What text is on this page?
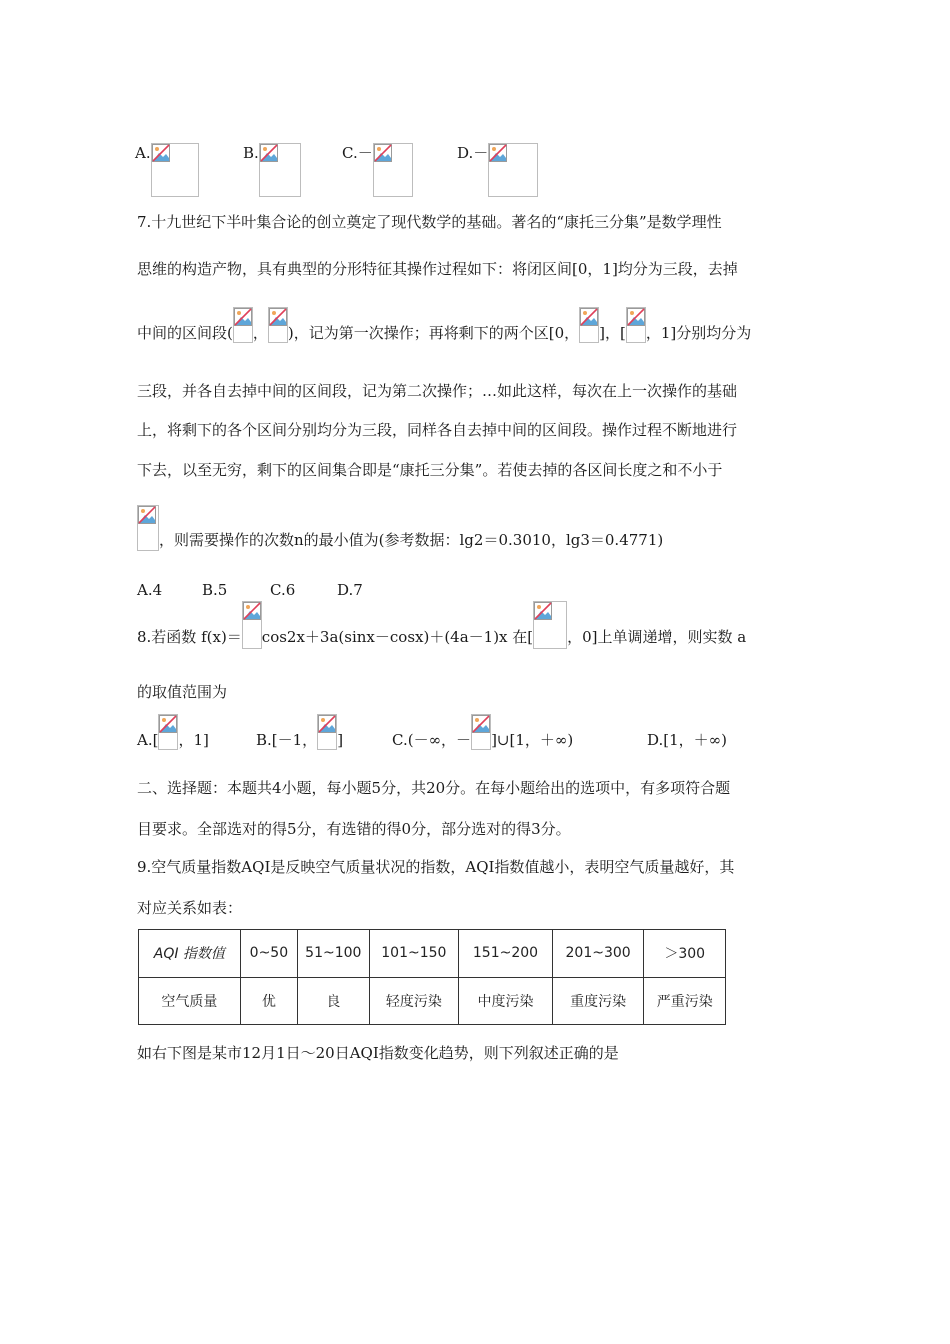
A.	B.	C.－	D.－
7.十九世纪下半叶集合论的创立奠定了现代数学的基础。著名的“康托三分集”是数学理性
思维的构造产物，具有典型的分形特征其操作过程如下：将闭区间[0，1]均分为三段，去掉
中间的区间段( ， )，记为第一次操作；再将剩下的两个区[0， ]，[ ，1]分别均分为
三段，并各自去掉中间的区间段，记为第二次操作；…如此这样，每次在上一次操作的基础
上，将剩下的各个区间分别均分为三段，同样各自去掉中间的区间段。操作过程不断地进行
下去，以至无穷，剩下的区间集合即是“康托三分集”。若使去掉的各区间长度之和不小于
，则需要操作的次数n的最小值为(参考数据：lg2＝0.3010，lg3＝0.4771)
A.4	B.5	C.6	D.7
8.若函数 f(x)＝ cos2x＋3a(sinx－cosx)＋(4a－1)x 在[ ，0]上单调递增，则实数 a
的取值范围为
A.[ ，1]	B.[－1， ]	C.(－∞，－ ]∪[1，＋∞)	D.[1，＋∞)
二、选择题：本题共4小题，每小题5分，共20分。在每小题给出的选项中，有多项符合题
目要求。全部选对的得5分，有选错的得0分，部分选对的得3分。
9.空气质量指数AQI是反映空气质量状况的指数，AQI指数值越小，表明空气质量越好，其
对应关系如表：
AQI 指数值	0~50	51~100	101~150	151~200	201~300	＞300
空气质量	优	良	轻度污染	中度污染	重度污染	严重污染
如右下图是某市12月1日～20日AQI指数变化趋势，则下列叙述正确的是
